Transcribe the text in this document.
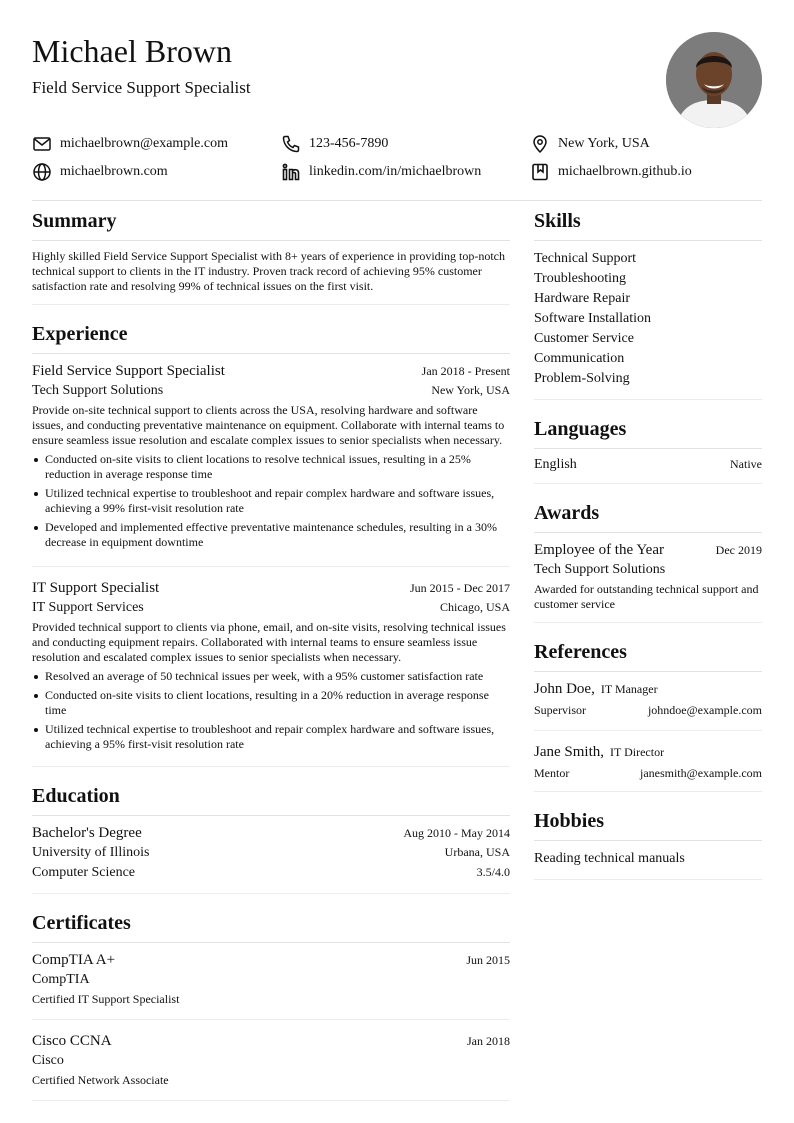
Michael Brown
Field Service Support Specialist
michaelbrown@example.com	123-456-7890	New York, USA
michaelbrown.com	linkedin.com/in/michaelbrown	michaelbrown.github.io
Summary

Highly skilled Field Service Support Specialist with 8+ years of experience in providing top-notch technical support to clients in the IT industry. Proven track record of achieving 95% customer satisfaction rate and resolving 99% of technical issues on the first visit.

Experience
Field Service Support Specialist	Jan 2018 - Present
Tech Support Solutions	New York, USA

Provide on-site technical support to clients across the USA, resolving hardware and software issues, and conducting preventative maintenance on equipment. Collaborate with internal teams to ensure seamless issue resolution and escalate complex issues to senior specialists when necessary.

Conducted on-site visits to client locations to resolve technical issues, resulting in a 25% reduction in average response time
Utilized technical expertise to troubleshoot and repair complex hardware and software issues, achieving a 99% first-visit resolution rate
Developed and implemented effective preventative maintenance schedules, resulting in a 30% decrease in equipment downtime
IT Support Specialist	Jun 2015 - Dec 2017
IT Support Services	Chicago, USA

Provided technical support to clients via phone, email, and on-site visits, resolving technical issues and conducting equipment repairs. Collaborated with internal teams to ensure seamless issue resolution and escalated complex issues to senior specialists when necessary.

Resolved an average of 50 technical issues per week, with a 95% customer satisfaction rate
Conducted on-site visits to client locations, resulting in a 20% reduction in average response time
Utilized technical expertise to troubleshoot and repair complex hardware and software issues, achieving a 95% first-visit resolution rate
Education
Bachelor's Degree	Aug 2010 - May 2014
University of Illinois	Urbana, USA
Computer Science	3.5/4.0
Certificates
CompTIA A+	Jun 2015
CompTIA
Certified IT Support Specialist
Cisco CCNA	Jan 2018
Cisco
Certified Network Associate
Skills
Technical Support
Troubleshooting
Hardware Repair
Software Installation
Customer Service
Communication
Problem-Solving
Languages
English	Native
Awards
Employee of the Year	Dec 2019
Tech Support Solutions
Awarded for outstanding technical support and customer service
References
John Doe, IT Manager
Supervisor	johndoe@example.com
Jane Smith, IT Director
Mentor	janesmith@example.com
Hobbies
Reading technical manuals
